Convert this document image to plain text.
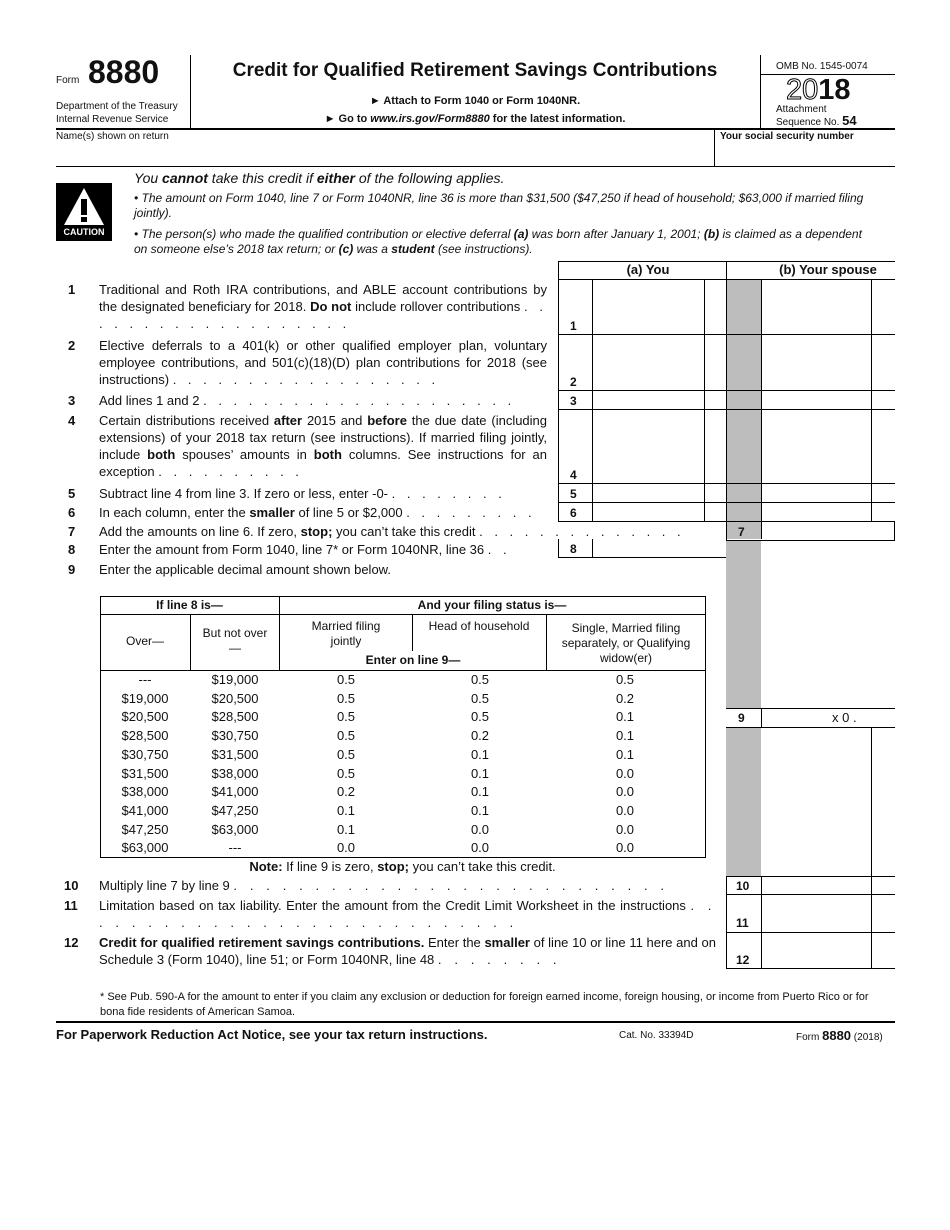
Form 8880
Department of the Treasury
Internal Revenue Service
Credit for Qualified Retirement Savings Contributions
► Attach to Form 1040 or Form 1040NR.
► Go to www.irs.gov/Form8880 for the latest information.
OMB No. 1545-0074
2018
Attachment
Sequence No. 54
Name(s) shown on return	Your social security number
CAUTION
You cannot take this credit if either of the following applies.
• The amount on Form 1040, line 7 or Form 1040NR, line 36 is more than $31,500 ($47,250 if head of household; $63,000 if married filing jointly).
• The person(s) who made the qualified contribution or elective deferral (a) was born after January 1, 2001; (b) is claimed as a dependent on someone else’s 2018 tax return; or (c) was a student (see instructions).
(a) You	(b) Your spouse
1
2
3
4
5
6
7
8
9	x 0 .
10
11
12
1 Traditional and Roth IRA contributions, and ABLE account contributions by the designated beneficiary for 2018. Do not include rollover contributions . . . . . . . . . . . . . . . . . . .
2 Elective deferrals to a 401(k) or other qualified employer plan, voluntary employee contributions, and 501(c)(18)(D) plan contributions for 2018 (see instructions) . . . . . . . . . . . . . . . . . .
3 Add lines 1 and 2 . . . . . . . . . . . . . . . . . . . . .
4 Certain distributions received after 2015 and before the due date (including extensions) of your 2018 tax return (see instructions). If married filing jointly, include both spouses’ amounts in both columns. See instructions for an exception . . . . . . . . . .
5 Subtract line 4 from line 3. If zero or less, enter -0- . . . . . . . .
6 In each column, enter the smaller of line 5 or $2,000 . . . . . . . . .
7 Add the amounts on line 6. If zero, stop; you can’t take this credit . . . . . . . . . . . . . .
8 Enter the amount from Form 1040, line 7* or Form 1040NR, line 36 . .
9 Enter the applicable decimal amount shown below.
If line 8 is—	And your filing status is—
Over—
But not over—
Married filing jointly
Head of household	Single, Married filing separately, or Qualifying widow(er)
Enter on line 9—
---	$19,000	0.5	0.5	0.5
$19,000	$20,500	0.5	0.5	0.2
$20,500	$28,500	0.5	0.5	0.1
$28,500	$30,750	0.5	0.2	0.1
$30,750	$31,500	0.5	0.1	0.1
$31,500	$38,000	0.5	0.1	0.0
$38,000	$41,000	0.2	0.1	0.0
$41,000	$47,250	0.1	0.1	0.0
$47,250	$63,000	0.1	0.0	0.0
$63,000	---	0.0	0.0	0.0
Note: If line 9 is zero, stop; you can’t take this credit.
10 Multiply line 7 by line 9 . . . . . . . . . . . . . . . . . . . . . . . . . . .
11 Limitation based on tax liability. Enter the amount from the Credit Limit Worksheet in the instructions . . . . . . . . . . . . . . . . . . . . . . . . . . . .
12 Credit for qualified retirement savings contributions. Enter the smaller of line 10 or line 11 here and on Schedule 3 (Form 1040), line 51; or Form 1040NR, line 48 . . . . . . . .
* See Pub. 590-A for the amount to enter if you claim any exclusion or deduction for foreign earned income, foreign housing, or income from Puerto Rico or for bona fide residents of American Samoa.
For Paperwork Reduction Act Notice, see your tax return instructions.	Cat. No. 33394D	Form 8880 (2018)
